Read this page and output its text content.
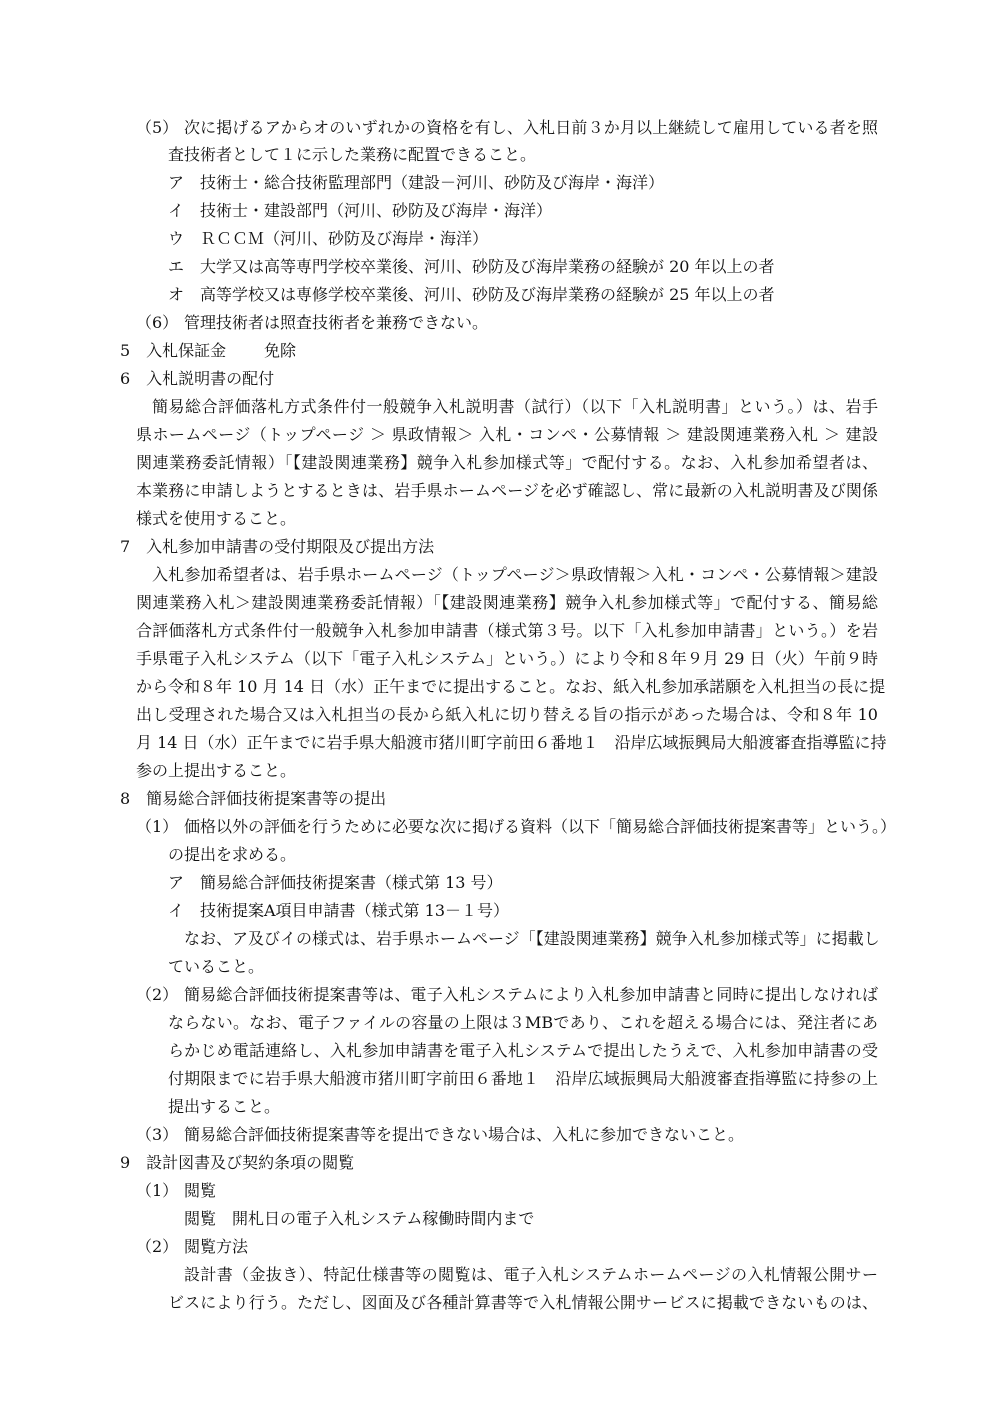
（5） 次に掲げるアからオのいずれかの資格を有し、入札日前３か月以上継続して雇用している者を照
査技術者として１に示した業務に配置できること。
ア 技術士・総合技術監理部門（建設－河川、砂防及び海岸・海洋）
イ 技術士・建設部門（河川、砂防及び海岸・海洋）
ウ ＲＣＣＭ（河川、砂防及び海岸・海洋）
エ 大学又は高等専門学校卒業後、河川、砂防及び海岸業務の経験が 20 年以上の者
オ 高等学校又は専修学校卒業後、河川、砂防及び海岸業務の経験が 25 年以上の者
（6） 管理技術者は照査技術者を兼務できない。
5　入札保証金 免除
6　入札説明書の配付
簡易総合評価落札方式条件付一般競争入札説明書（試行）（以下「入札説明書」という。）は、岩手
県ホームページ（トップページ ＞ 県政情報＞ 入札・コンペ・公募情報 ＞ 建設関連業務入札 ＞ 建設
関連業務委託情報）「【建設関連業務】競争入札参加様式等」で配付する。なお、入札参加希望者は、
本業務に申請しようとするときは、岩手県ホームページを必ず確認し、常に最新の入札説明書及び関係
様式を使用すること。
7　入札参加申請書の受付期限及び提出方法
入札参加希望者は、岩手県ホームページ（トップページ＞県政情報＞入札・コンペ・公募情報＞建設
関連業務入札＞建設関連業務委託情報）「【建設関連業務】競争入札参加様式等」で配付する、簡易総
合評価落札方式条件付一般競争入札参加申請書（様式第３号。以下「入札参加申請書」という。）を岩
手県電子入札システム（以下「電子入札システム」という。）により令和８年９月 29 日（火）午前９時
から令和８年 10 月 14 日（水）正午までに提出すること。なお、紙入札参加承諾願を入札担当の長に提
出し受理された場合又は入札担当の長から紙入札に切り替える旨の指示があった場合は、令和８年 10
月 14 日（水）正午までに岩手県大船渡市猪川町字前田６番地１　沿岸広域振興局大船渡審査指導監に持
参の上提出すること。
8　簡易総合評価技術提案書等の提出
（1） 価格以外の評価を行うために必要な次に掲げる資料（以下「簡易総合評価技術提案書等」という。）
の提出を求める。
ア 簡易総合評価技術提案書（様式第 13 号）
イ 技術提案A項目申請書（様式第 13－１号）
なお、ア及びイの様式は、岩手県ホームページ「【建設関連業務】競争入札参加様式等」に掲載し
ていること。
（2） 簡易総合評価技術提案書等は、電子入札システムにより入札参加申請書と同時に提出しなければ
ならない。なお、電子ファイルの容量の上限は３MBであり、これを超える場合には、発注者にあ
らかじめ電話連絡し、入札参加申請書を電子入札システムで提出したうえで、入札参加申請書の受
付期限までに岩手県大船渡市猪川町字前田６番地１　沿岸広域振興局大船渡審査指導監に持参の上
提出すること。
（3） 簡易総合評価技術提案書等を提出できない場合は、入札に参加できないこと。
9　設計図書及び契約条項の閲覧
（1） 閲覧
閲覧　開札日の電子入札システム稼働時間内まで
（2） 閲覧方法
設計書（金抜き）、特記仕様書等の閲覧は、電子入札システムホームページの入札情報公開サー
ビスにより行う。ただし、図面及び各種計算書等で入札情報公開サービスに掲載できないものは、
